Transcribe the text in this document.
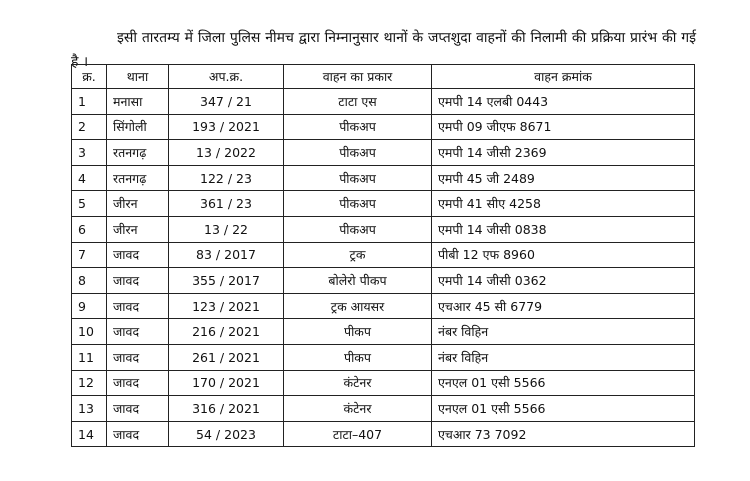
इसी तारतम्य में जिला पुलिस नीमच द्वारा निम्नानुसार थानों के जप्तशुदा वाहनों की निलामी की प्रक्रिया प्रारंभ की गई है ।

क्र.	थाना	अप.क्र.	वाहन का प्रकार	वाहन क्रमांक
1	मनासा	347 / 21	टाटा एस	एमपी 14 एलबी 0443
2	सिंगोली	193 / 2021	पीकअप	एमपी 09 जीएफ 8671
3	रतनगढ़	13 / 2022	पीकअप	एमपी 14 जीसी 2369
4	रतनगढ़	122 / 23	पीकअप	एमपी 45 जी 2489
5	जीरन	361 / 23	पीकअप	एमपी 41 सीए 4258
6	जीरन	13 / 22	पीकअप	एमपी 14 जीसी 0838
7	जावद	83 / 2017	ट्रक	पीबी 12 एफ 8960
8	जावद	355 / 2017	बोलेरो पीकप	एमपी 14 जीसी 0362
9	जावद	123 / 2021	ट्रक आयसर	एचआर 45 सी 6779
10	जावद	216 / 2021	पीकप	नंबर विहिन
11	जावद	261 / 2021	पीकप	नंबर विहिन
12	जावद	170 / 2021	कंटेनर	एनएल 01 एसी 5566
13	जावद	316 / 2021	कंटेनर	एनएल 01 एसी 5566
14	जावद	54 / 2023	टाटा–407	एचआर 73 7092
